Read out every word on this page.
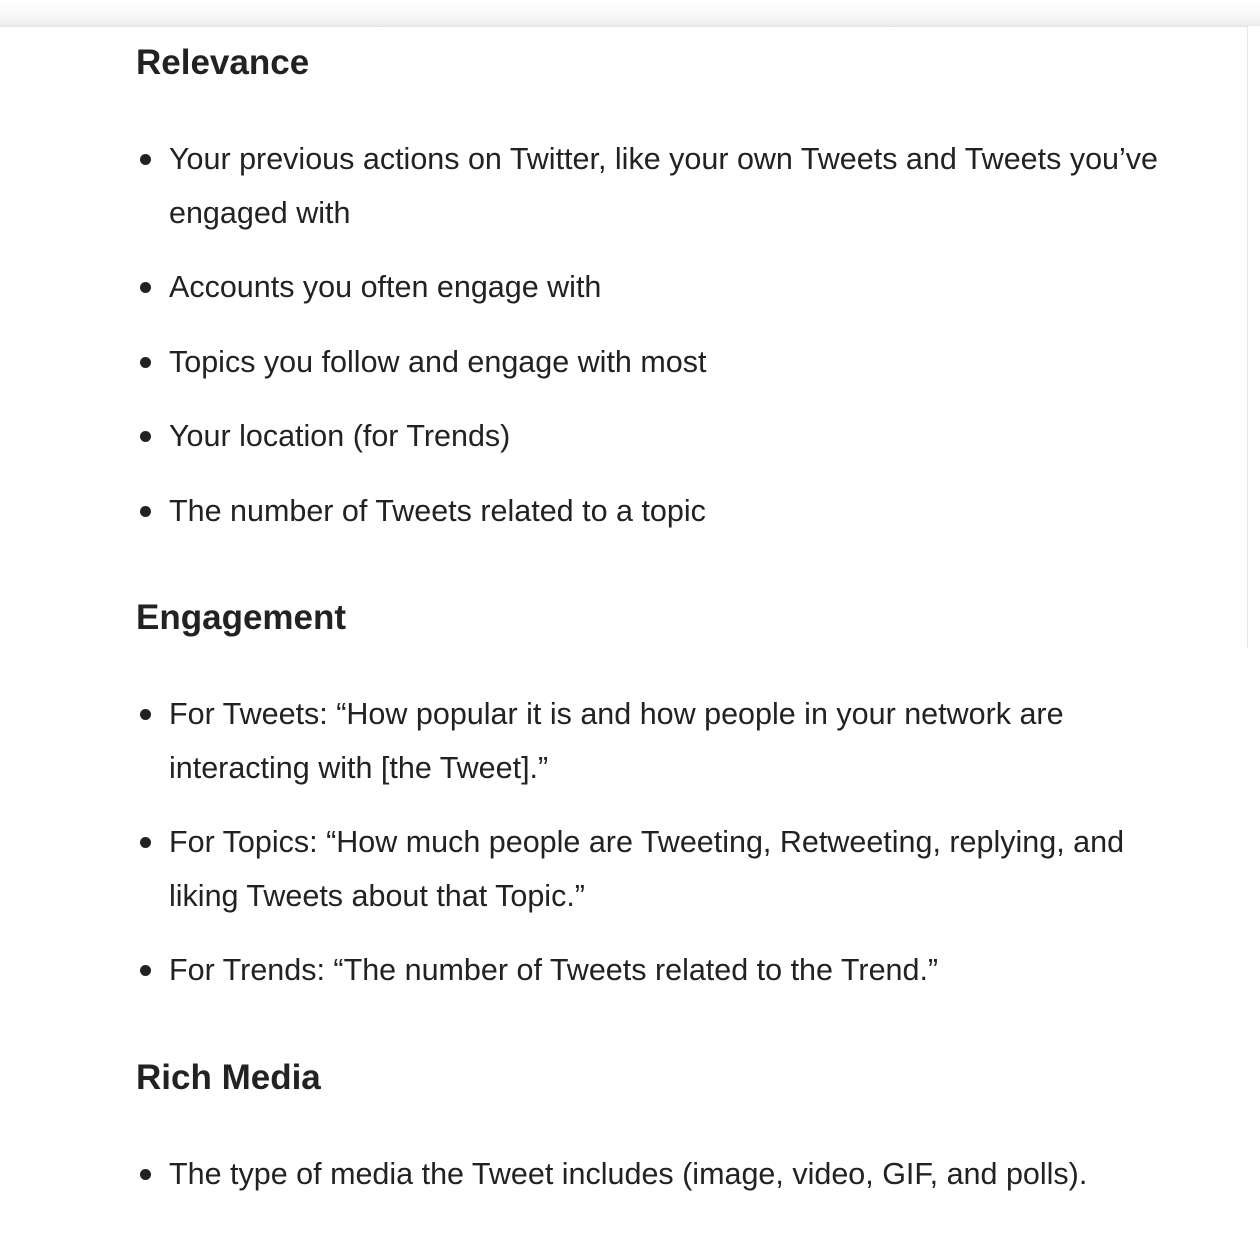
Relevance
Your previous actions on Twitter, like your own Tweets and Tweets you’ve engaged with
Accounts you often engage with
Topics you follow and engage with most
Your location (for Trends)
The number of Tweets related to a topic
Engagement
For Tweets: “How popular it is and how people in your network are interacting with [the Tweet].”
For Topics: “How much people are Tweeting, Retweeting, replying, and liking Tweets about that Topic.”
For Trends: “The number of Tweets related to the Trend.”
Rich Media
The type of media the Tweet includes (image, video, GIF, and polls).
